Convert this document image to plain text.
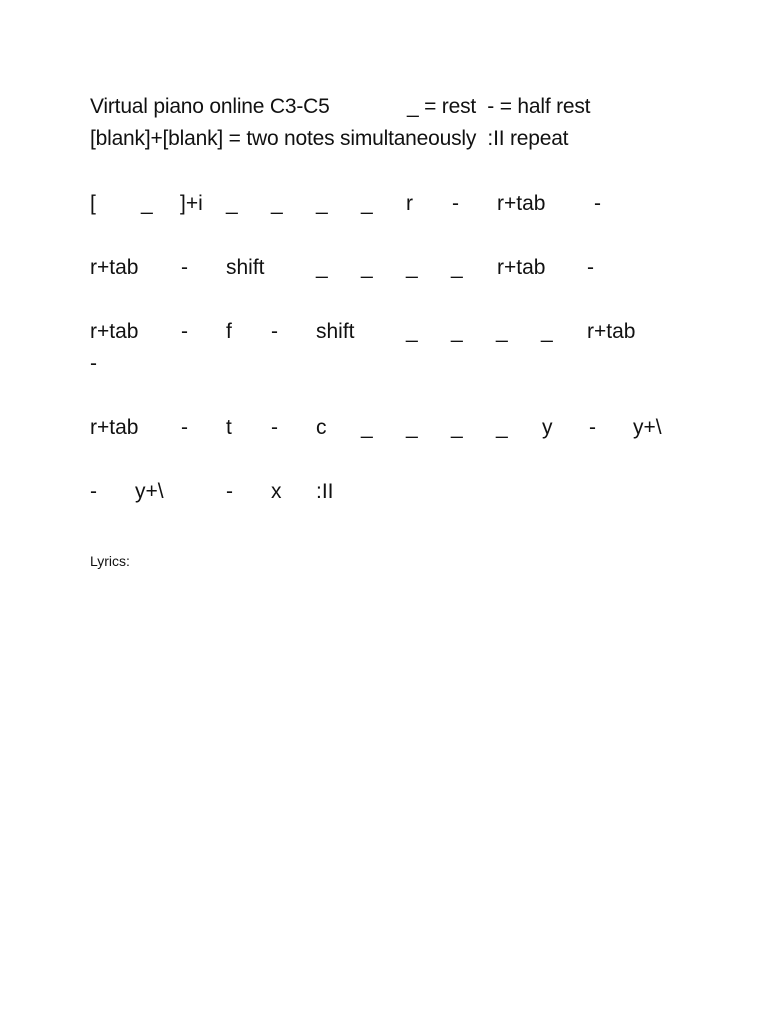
Virtual piano online C3-C5	_ = rest  - = half rest
[blank]+[blank] = two notes simultaneously  :II repeat
[ _ ]+i _ _ _ _ r - r+tab -
r+tab - shift _ _ _ _ r+tab -
r+tab - f - shift _ _ _ _ r+tab
-
r+tab - t - c _ _ _ _ y - y+\
- y+\	- x :II
Lyrics:
